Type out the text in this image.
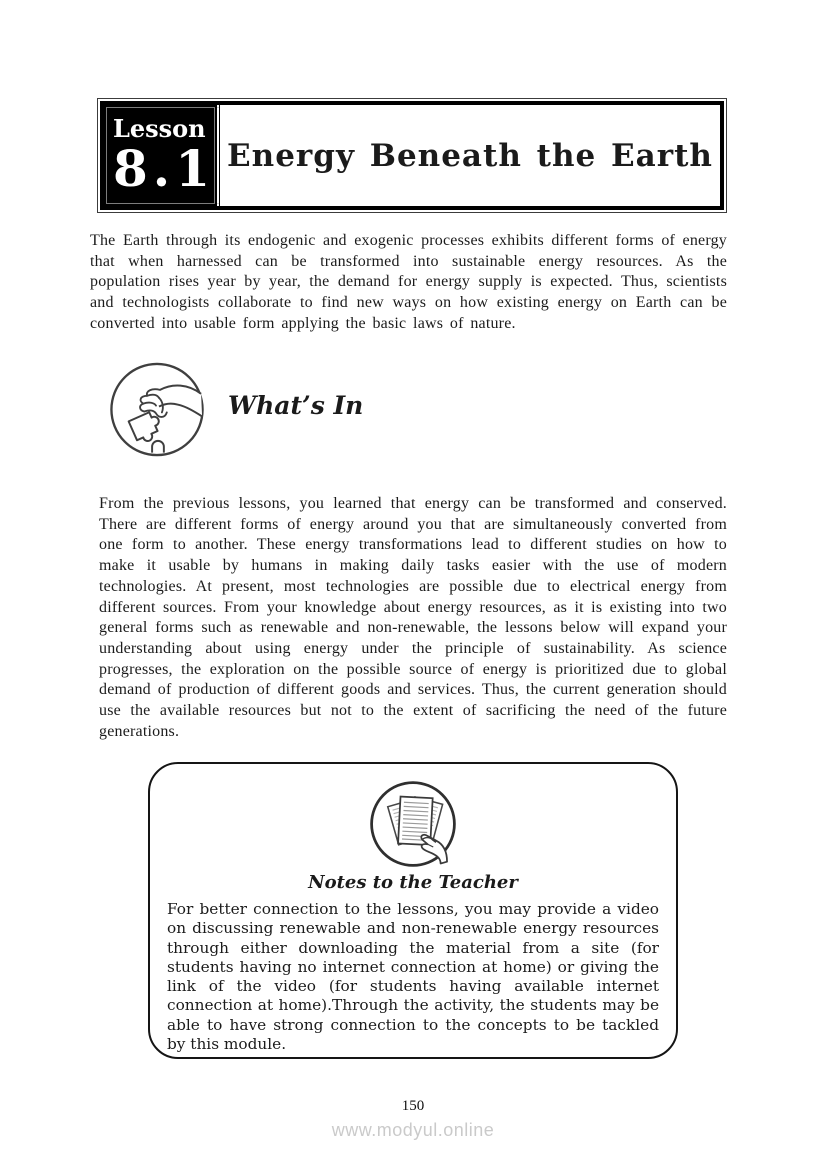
Lesson
8.1 Energy Beneath the Earth

The Earth through its endogenic and exogenic processes exhibits different forms of energy that when harnessed can be transformed into sustainable energy resources. As the population rises year by year, the demand for energy supply is expected. Thus, scientists and technologists collaborate to find new ways on how existing energy on Earth can be converted into usable form applying the basic laws of nature.

What’s In

From the previous lessons, you learned that energy can be transformed and conserved. There are different forms of energy around you that are simultaneously converted from one form to another. These energy transformations lead to different studies on how to make it usable by humans in making daily tasks easier with the use of modern technologies. At present, most technologies are possible due to electrical energy from different sources. From your knowledge about energy resources, as it is existing into two general forms such as renewable and non-renewable, the lessons below will expand your understanding about using energy under the principle of sustainability. As science progresses, the exploration on the possible source of energy is prioritized due to global demand of production of different goods and services. Thus, the current generation should use the available resources but not to the extent of sacrificing the need of the future generations.

Notes to the Teacher

For better connection to the lessons, you may provide a video on discussing renewable and non-renewable energy resources through either downloading the material from a site (for students having no internet connection at home) or giving the link of the video (for students having available internet connection at home).Through the activity, the students may be able to have strong connection to the concepts to be tackled by this module.

150
www.modyul.online
